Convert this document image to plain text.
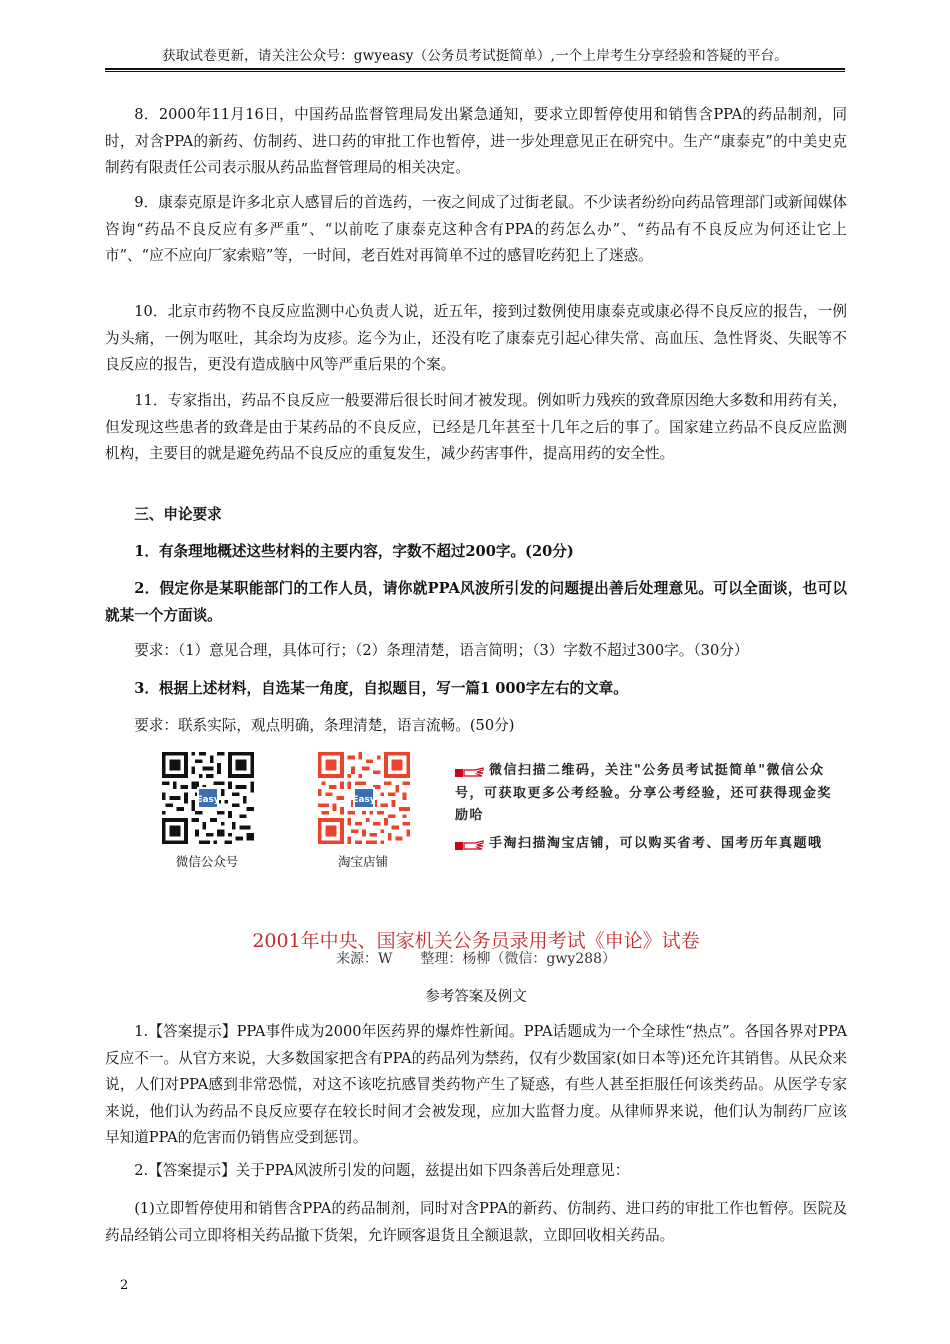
获取试卷更新，请关注公众号：gwyeasy（公务员考试挺简单）,一个上岸考生分享经验和答疑的平台。

8．2000年11月16日，中国药品监督管理局发出紧急通知，要求立即暂停使用和销售含PPA的药品制剂，同时，对含PPA的新药、仿制药、进口药的审批工作也暂停，进一步处理意见正在研究中。生产“康泰克”的中美史克制药有限责任公司表示服从药品监督管理局的相关决定。

9．康泰克原是许多北京人感冒后的首选药，一夜之间成了过街老鼠。不少读者纷纷向药品管理部门或新闻媒体咨询“药品不良反应有多严重”、“以前吃了康泰克这种含有PPA的药怎么办”、“药品有不良反应为何还让它上市”、“应不应向厂家索赔”等，一时间，老百姓对再简单不过的感冒吃药犯上了迷惑。

10．北京市药物不良反应监测中心负责人说，近五年，接到过数例使用康泰克或康必得不良反应的报告，一例为头痛，一例为呕吐，其余均为皮疹。迄今为止，还没有吃了康泰克引起心律失常、高血压、急性肾炎、失眠等不良反应的报告，更没有造成脑中风等严重后果的个案。

11．专家指出，药品不良反应一般要滞后很长时间才被发现。例如听力残疾的致聋原因绝大多数和用药有关，但发现这些患者的致聋是由于某药品的不良反应，已经是几年甚至十几年之后的事了。国家建立药品不良反应监测机构，主要目的就是避免药品不良反应的重复发生，减少药害事件，提高用药的安全性。

三、申论要求

1．有条理地概述这些材料的主要内容，字数不超过200字。(20分)

2．假定你是某职能部门的工作人员，请你就PPA风波所引发的问题提出善后处理意见。可以全面谈，也可以就某一个方面谈。

要求：（1）意见合理，具体可行；（2）条理清楚，语言简明；（3）字数不超过300字。（30分）

3．根据上述材料，自选某一角度，自拟题目，写一篇1 000字左右的文章。

要求：联系实际，观点明确，条理清楚，语言流畅。(50分)

Easy
微信公众号
Easy
淘宝店铺
微信扫描二维码，关注"公务员考试挺简单"微信公众号，可获取更多公考经验。分享公考经验，还可获得现金奖励哈
手淘扫描淘宝店铺，可以购买省考、国考历年真题哦
2001年中央、国家机关公务员录用考试《申论》试卷
来源：W　　整理：杨柳（微信：gwy288）
参考答案及例文

1.【答案提示】PPA事件成为2000年医药界的爆炸性新闻。PPA话题成为一个全球性“热点”。各国各界对PPA反应不一。从官方来说，大多数国家把含有PPA的药品列为禁药，仅有少数国家(如日本等)还允许其销售。从民众来说，人们对PPA感到非常恐慌，对这不该吃抗感冒类药物产生了疑惑，有些人甚至拒服任何该类药品。从医学专家来说，他们认为药品不良反应要存在较长时间才会被发现，应加大监督力度。从律师界来说，他们认为制药厂应该早知道PPA的危害而仍销售应受到惩罚。

2.【答案提示】关于PPA风波所引发的问题，兹提出如下四条善后处理意见：

(1)立即暂停使用和销售含PPA的药品制剂，同时对含PPA的新药、仿制药、进口药的审批工作也暂停。医院及药品经销公司立即将相关药品撤下货架，允许顾客退货且全额退款，立即回收相关药品。

2
